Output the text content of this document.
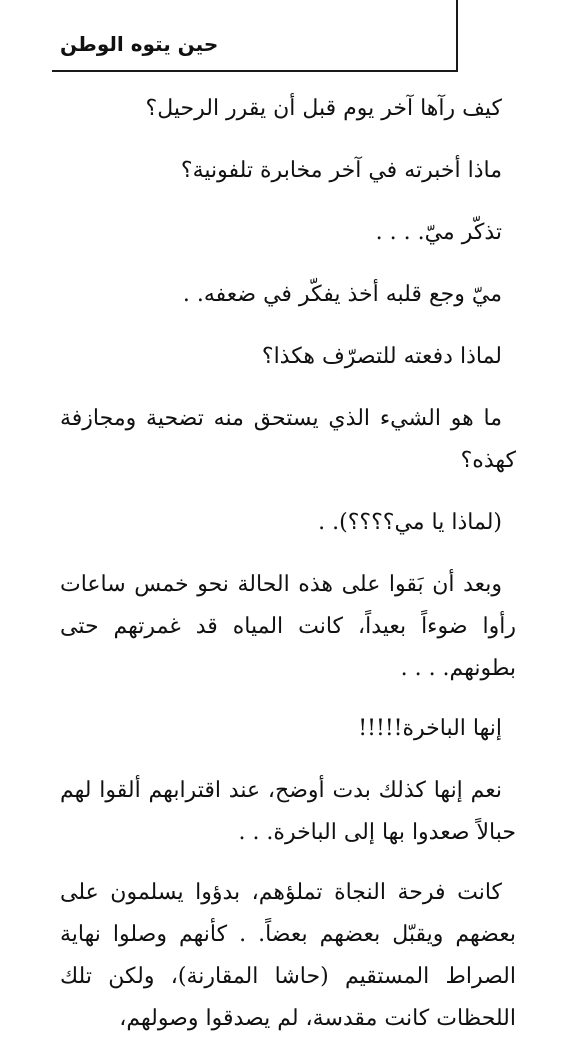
حين يتوه الوطن

كيف رآها آخر يوم قبل أن يقرر الرحيل؟

ماذا أخبرته في آخر مخابرة تلفونية؟

تذكّر ميّ. . . .

ميّ وجع قلبه أخذ يفكّر في ضعفه. .

لماذا دفعته للتصرّف هكذا؟

ما هو الشيء الذي يستحق منه تضحية ومجازفة كهذه؟

(لماذا يا مي؟؟؟؟). .

وبعد أن بَقوا على هذه الحالة نحو خمس ساعات رأوا ضوءاً بعيداً، كانت المياه قد غمرتهم حتى بطونهم. . . .

إنها الباخرة!!!!!

نعم إنها كذلك بدت أوضح، عند اقترابهم ألقوا لهم حبالاً صعدوا بها إلى الباخرة. . .

كانت فرحة النجاة تملؤهم، بدؤوا يسلمون على بعضهم ويقبّل بعضهم بعضاً. . كأنهم وصلوا نهاية الصراط المستقيم (حاشا المقارنة)، ولكن تلك اللحظات كانت مقدسة، لم يصدقوا وصولهم،
